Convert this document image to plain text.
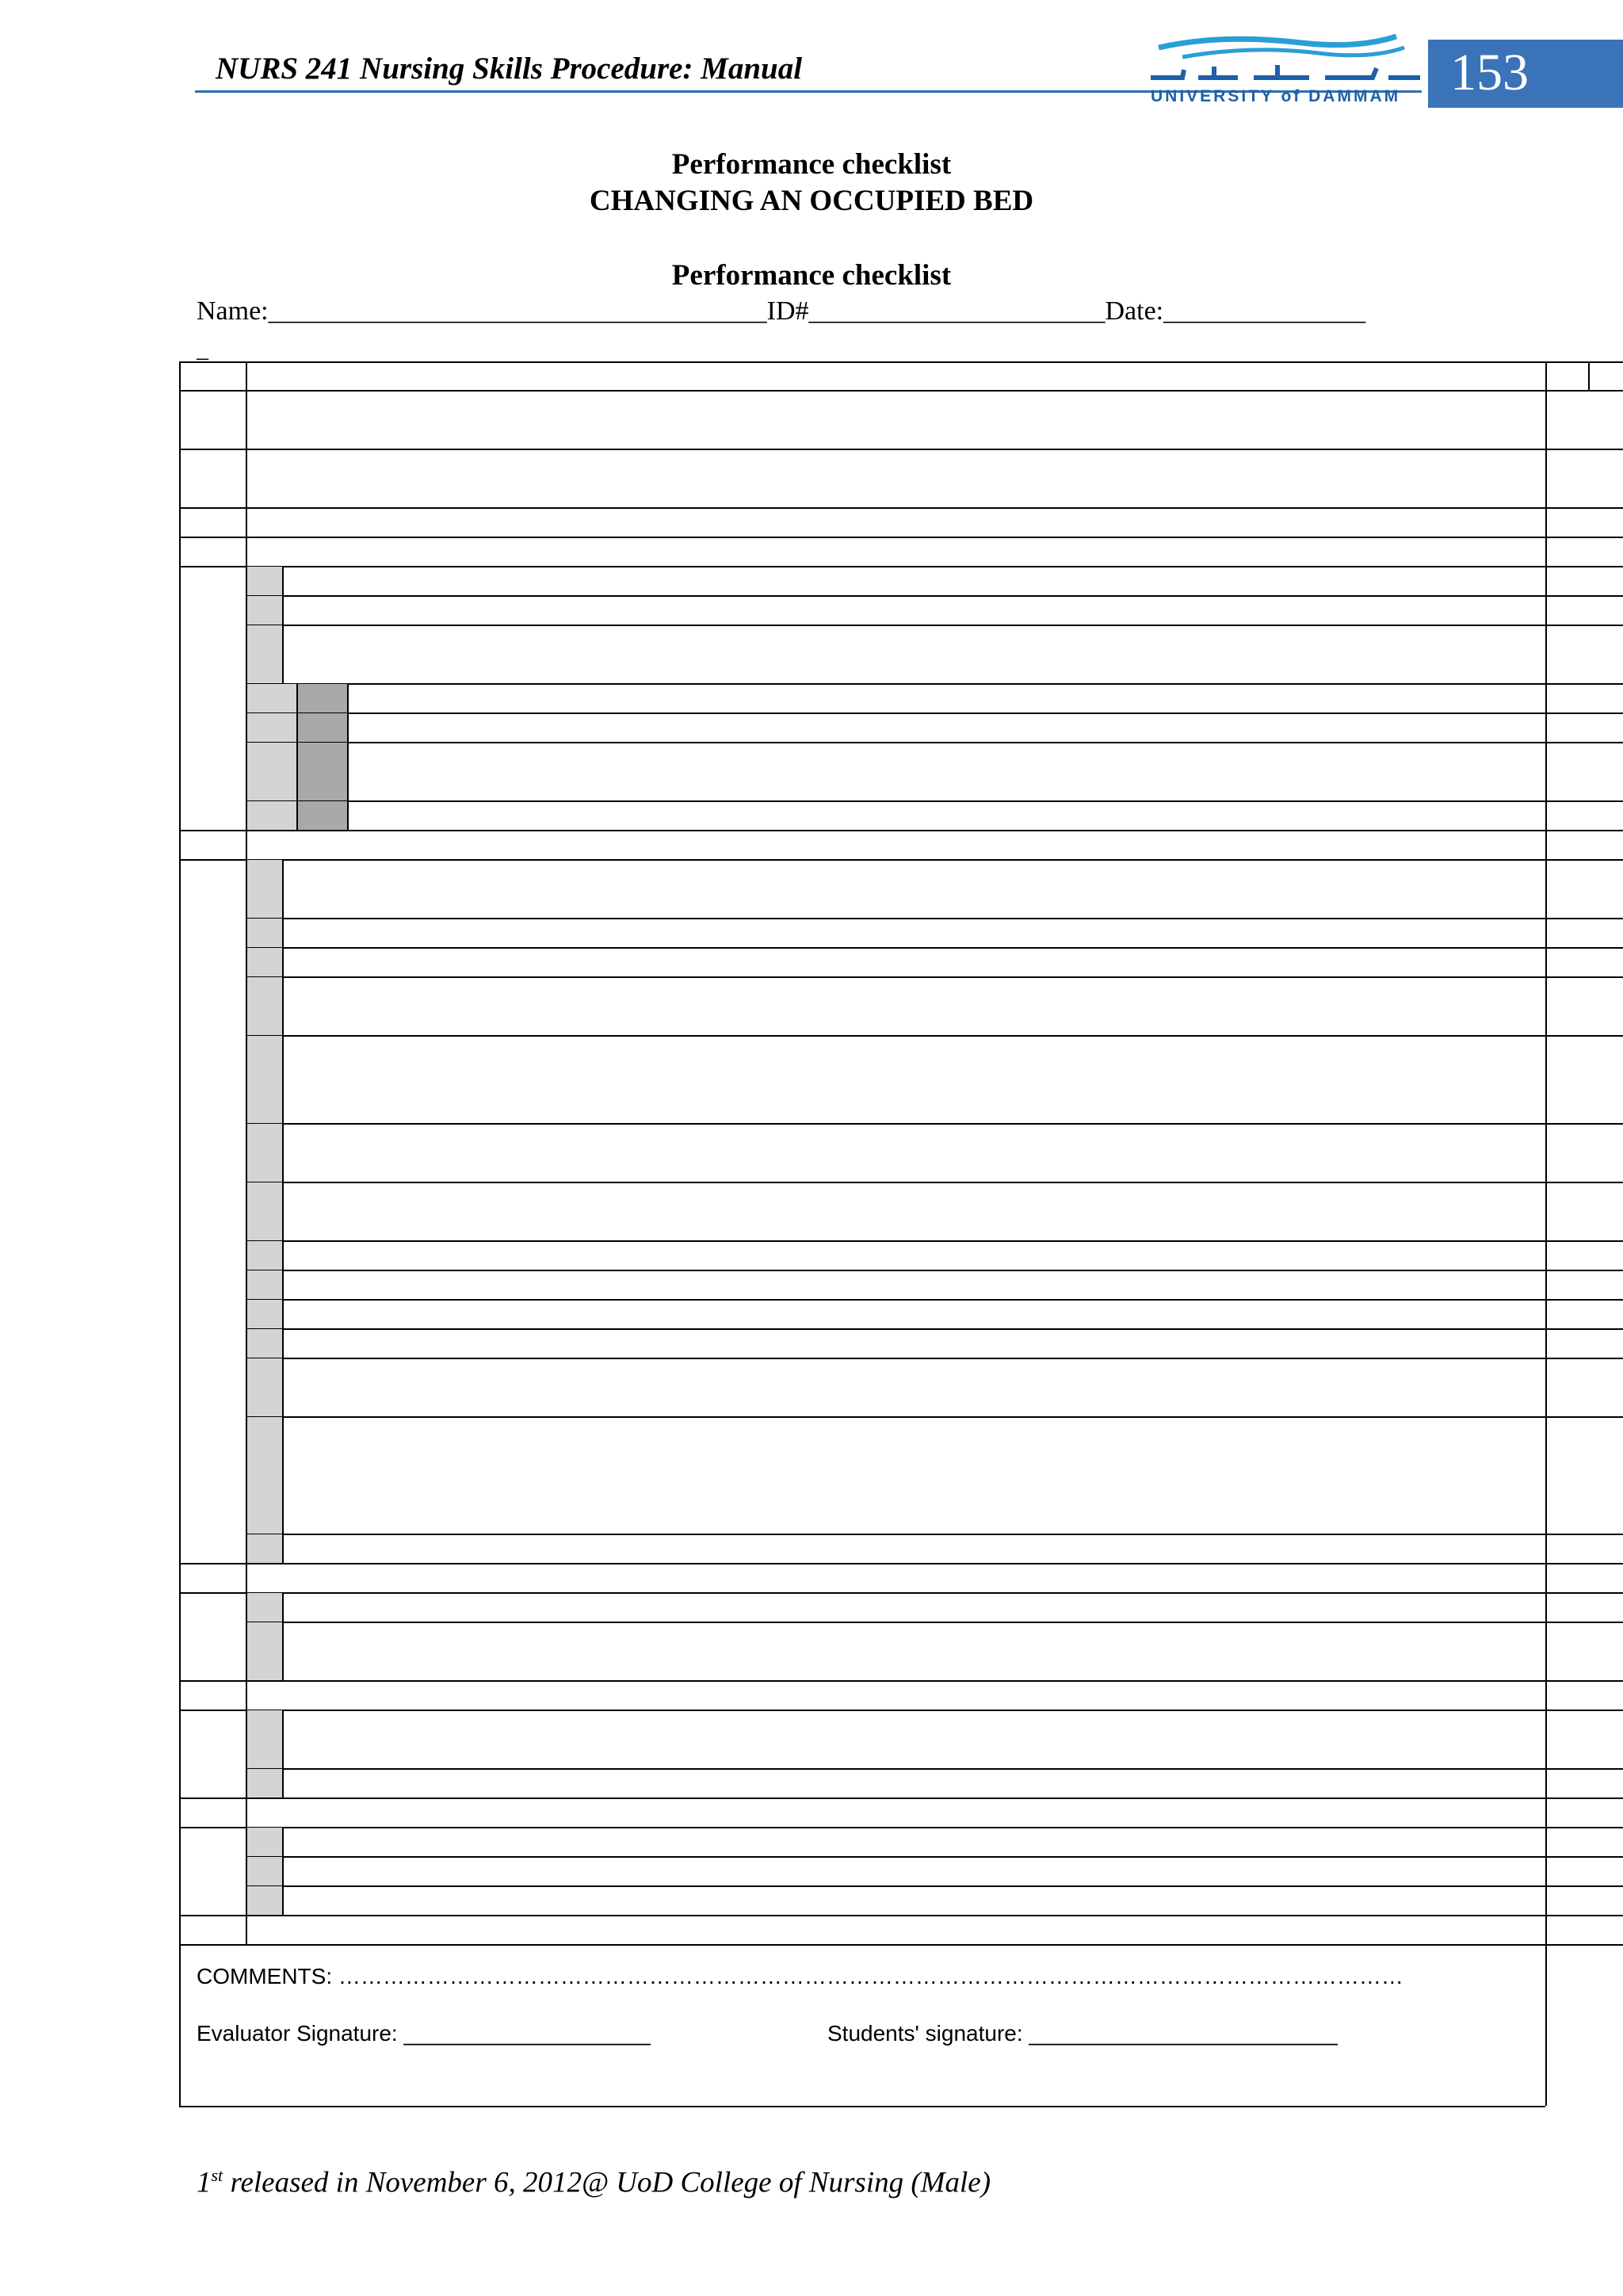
NURS 241 Nursing Skills Procedure: Manual
UNIVERSITY of DAMMAM 153
Performance checklist
CHANGING AN OCCUPIED BED
Performance checklist
Name:_____________________________________ID#______________________Date:_______________
_
COMMENTS: ………………………………………………………………………………………………………………………………
Evaluator Signature: ____________________	Students' signature: _________________________
1st released in November 6, 2012@ UoD College of Nursing (Male)
